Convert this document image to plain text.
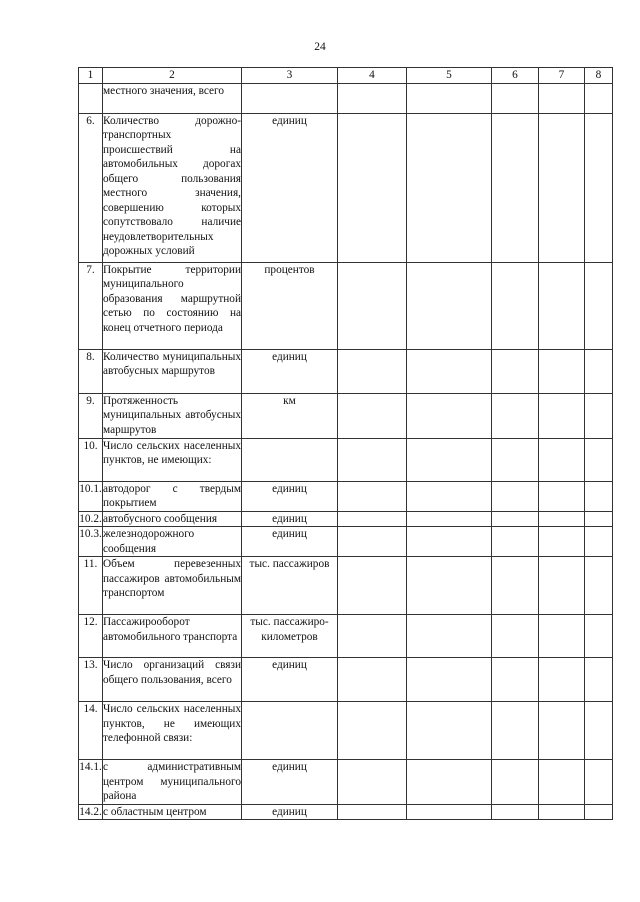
24
1	2	3	4	5	6	7	8
	местного значения, всего						
6.	Количество дорожно-транспортных происшествий на автомобильных дорогах общего пользования местного значения, совершению которых сопутствовало наличие неудовлетворительных дорожных условий	единиц					
7.	Покрытие территории муниципального образования маршрутной сетью по состоянию на конец отчетного периода	процентов					
8.	Количество муниципальных автобусных маршрутов	единиц					
9.	Протяженность муниципальных автобусных маршрутов	км					
10.	Число сельских населенных пунктов, не имеющих:						
10.1.	автодорог с твердым покрытием	единиц					
10.2.	автобусного сообщения	единиц					
10.3.	железнодорожного сообщения	единиц					
11.	Объем перевезенных пассажиров автомобильным транспортом	тыс. пассажиров					
12.	Пассажирооборот автомобильного транспорта	тыс. пассажиро-километров					
13.	Число организаций связи общего пользования, всего	единиц					
14.	Число сельских населенных пунктов, не имеющих телефонной связи:						
14.1.	с административным центром муниципального района	единиц					
14.2.	с областным центром	единиц					
